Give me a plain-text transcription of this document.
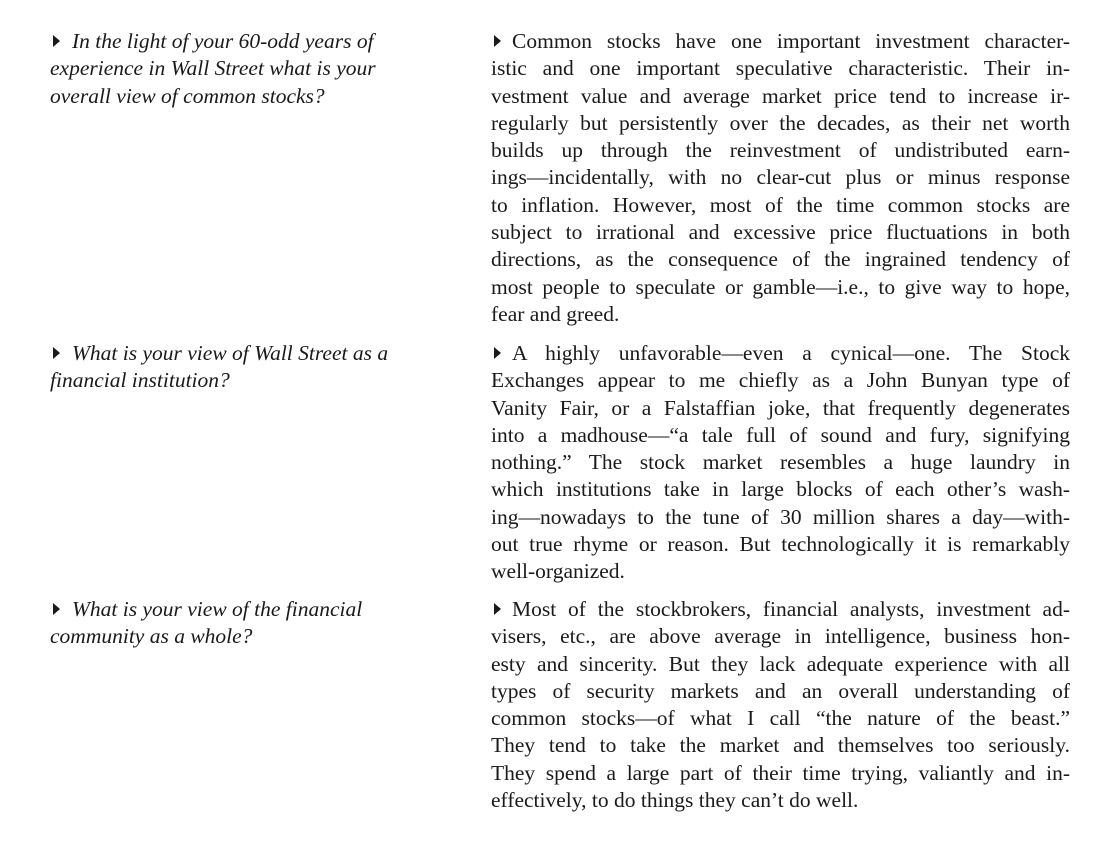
In the light of your 60-odd years of
experience in Wall Street what is your
overall view of common stocks?
Common stocks have one important investment character-
istic and one important speculative characteristic. Their in-
vestment value and average market price tend to increase ir-
regularly but persistently over the decades, as their net worth
builds up through the reinvestment of undistributed earn-
ings—incidentally, with no clear-cut plus or minus response
to inflation. However, most of the time common stocks are
subject to irrational and excessive price fluctuations in both
directions, as the consequence of the ingrained tendency of
most people to speculate or gamble—i.e., to give way to hope,
fear and greed.
What is your view of Wall Street as a
financial institution?
A highly unfavorable—even a cynical—one. The Stock
Exchanges appear to me chiefly as a John Bunyan type of
Vanity Fair, or a Falstaffian joke, that frequently degenerates
into a madhouse—“a tale full of sound and fury, signifying
nothing.” The stock market resembles a huge laundry in
which institutions take in large blocks of each other’s wash-
ing—nowadays to the tune of 30 million shares a day—with-
out true rhyme or reason. But technologically it is remarkably
well-organized.
What is your view of the financial
community as a whole?
Most of the stockbrokers, financial analysts, investment ad-
visers, etc., are above average in intelligence, business hon-
esty and sincerity. But they lack adequate experience with all
types of security markets and an overall understanding of
common stocks—of what I call “the nature of the beast.”
They tend to take the market and themselves too seriously.
They spend a large part of their time trying, valiantly and in-
effectively, to do things they can’t do well.
